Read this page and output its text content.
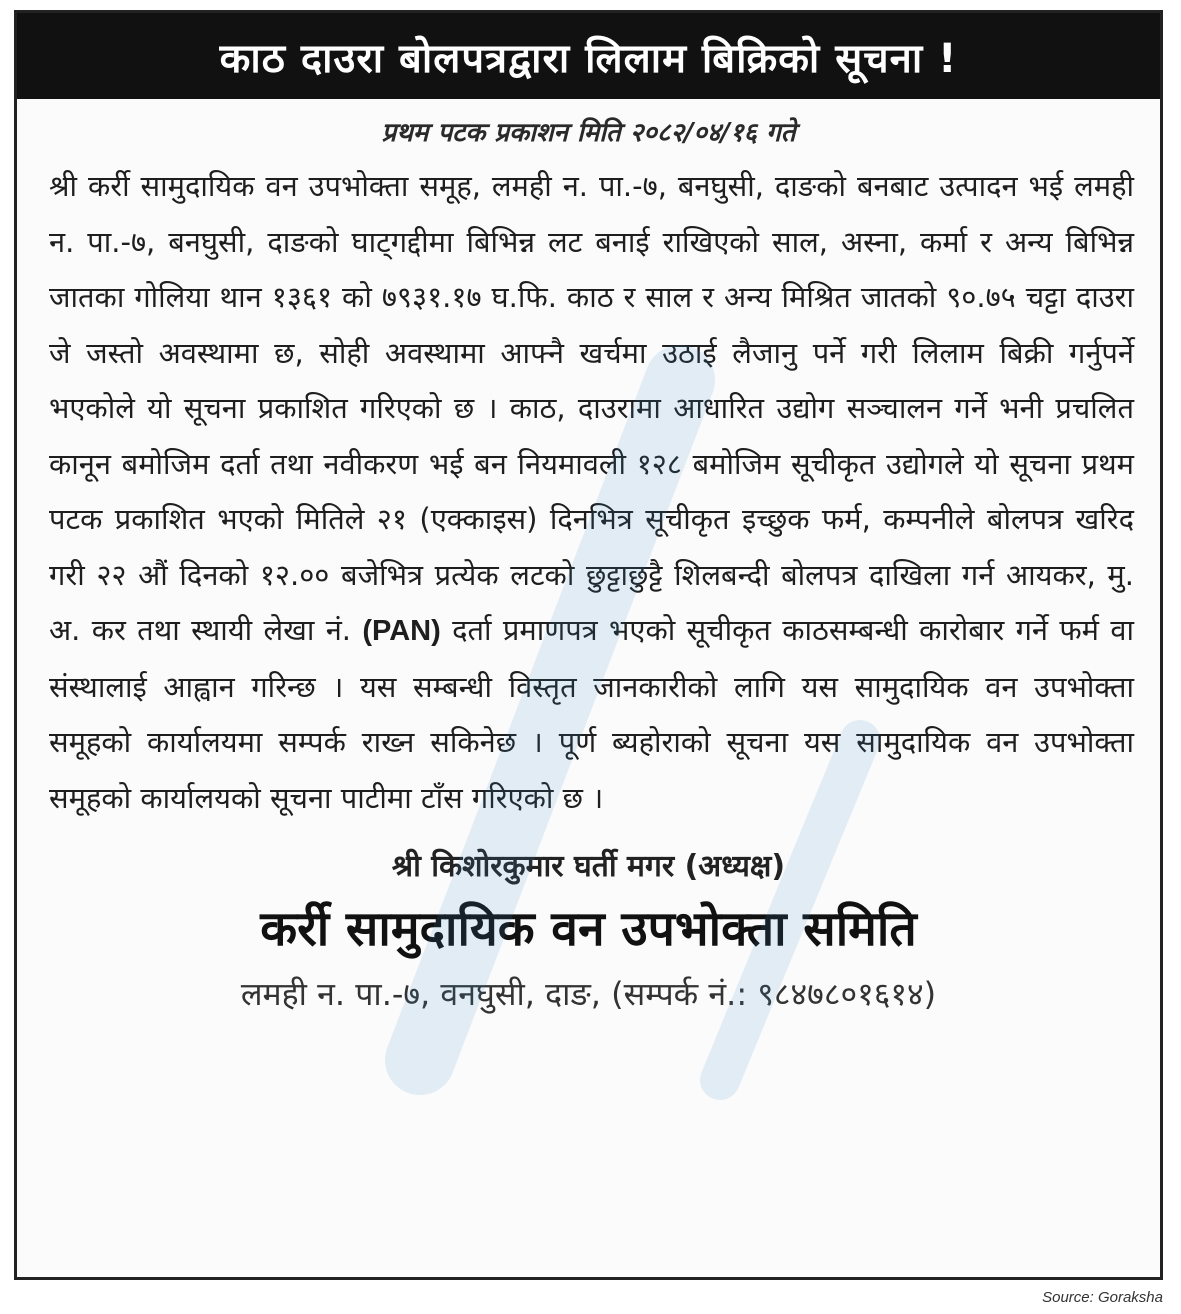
काठ दाउरा बोलपत्रद्वारा लिलाम बिक्रिको सूचना !
प्रथम पटक प्रकाशन मिति २०८२/०४/१६ गते
श्री कर्री सामुदायिक वन उपभोक्ता समूह, लमही न. पा.-७, बनघुसी, दाङको बनबाट उत्पादन भई लमही न. पा.-७, बनघुसी, दाङको घाट्गद्दीमा बिभिन्न लट बनाई राखिएको साल, अस्ना, कर्मा र अन्य बिभिन्न जातका गोलिया थान १३६१ को ७९३१.१७ घ.फि. काठ र साल र अन्य मिश्रित जातको ९०.७५ चट्टा दाउरा जे जस्तो अवस्थामा छ, सोही अवस्थामा आफ्नै खर्चमा उठाई लैजानु पर्ने गरी लिलाम बिक्री गर्नुपर्ने भएकोले यो सूचना प्रकाशित गरिएको छ । काठ, दाउरामा आधारित उद्योग सञ्चालन गर्ने भनी प्रचलित कानून बमोजिम दर्ता तथा नवीकरण भई बन नियमावली १२८ बमोजिम सूचीकृत उद्योगले यो सूचना प्रथम पटक प्रकाशित भएको मितिले २१ (एक्काइस) दिनभित्र सूचीकृत इच्छुक फर्म, कम्पनीले बोलपत्र खरिद गरी २२ औं दिनको १२.०० बजेभित्र प्रत्येक लटको छुट्टाछुट्टै शिलबन्दी बोलपत्र दाखिला गर्न आयकर, मु. अ. कर तथा स्थायी लेखा नं. (PAN) दर्ता प्रमाणपत्र भएको सूचीकृत काठसम्बन्धी कारोबार गर्ने फर्म वा संस्थालाई आह्वान गरिन्छ । यस सम्बन्धी विस्तृत जानकारीको लागि यस सामुदायिक वन उपभोक्ता समूहको कार्यालयमा सम्पर्क राख्न सकिनेछ । पूर्ण ब्यहोराको सूचना यस सामुदायिक वन उपभोक्ता समूहको कार्यालयको सूचना पाटीमा टाँस गरिएको छ ।
श्री किशोरकुमार घर्ती मगर (अध्यक्ष)
कर्री सामुदायिक वन उपभोक्ता समिति
लमही न. पा.-७, वनघुसी, दाङ, (सम्पर्क नं.: ९८४७८०१६१४)
Source: Goraksha
